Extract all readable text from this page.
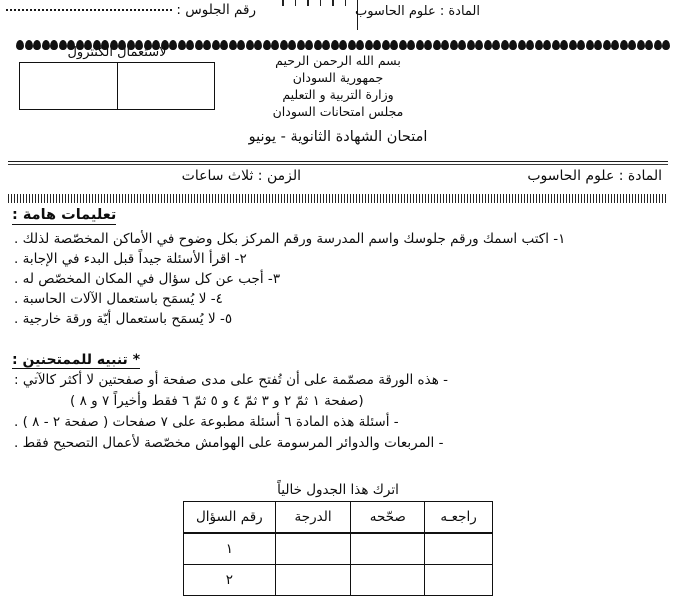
رقم الجلوس :	المادة : علوم الحاسوب
لاستعمال الكنترول
بسم الله الرحمن الرحيم
جمهورية السودان
وزارة التربية و التعليم
مجلس امتحانات السودان
امتحان الشهادة الثانوية - يونيو
المادة : علوم الحاسوب
الزمن : ثلاث ساعات
تعليمات هامة :
١- اكتب اسمك ورقم جلوسك واسم المدرسة ورقم المركز بكل وضوح في الأماكن المخصّصة لذلك .
٢- اقرأ الأسئلة جيداً قبل البدء في الإجابة .
٣- أجب عن كل سؤال في المكان المخصّص له .
٤- لا يُسمَح باستعمال الآلات الحاسبة .
٥- لا يُسمَح باستعمال أيّة ورقة خارجية .
* تنبيه للممتحنين :
- هذه الورقة مصمّمة على أن تُفتح على مدى صفحة أو صفحتين لا أكثر كالآتي :
(صفحة ١ ثمّ ٢ و ٣ ثمّ ٤ و ٥ ثمّ ٦ فقط وأخيراً ٧ و ٨ )
- أسئلة هذه المادة ٦ أسئلة مطبوعة على ٧ صفحات ( صفحة ٢ - ٨ ) .
- المربعات والدوائر المرسومة على الهوامش مخصّصة لأعمال التصحيح فقط .
اترك هذا الجدول خالياً
راجعـه	صحّحه	الدرجة	رقم السؤال
			١
			٢
